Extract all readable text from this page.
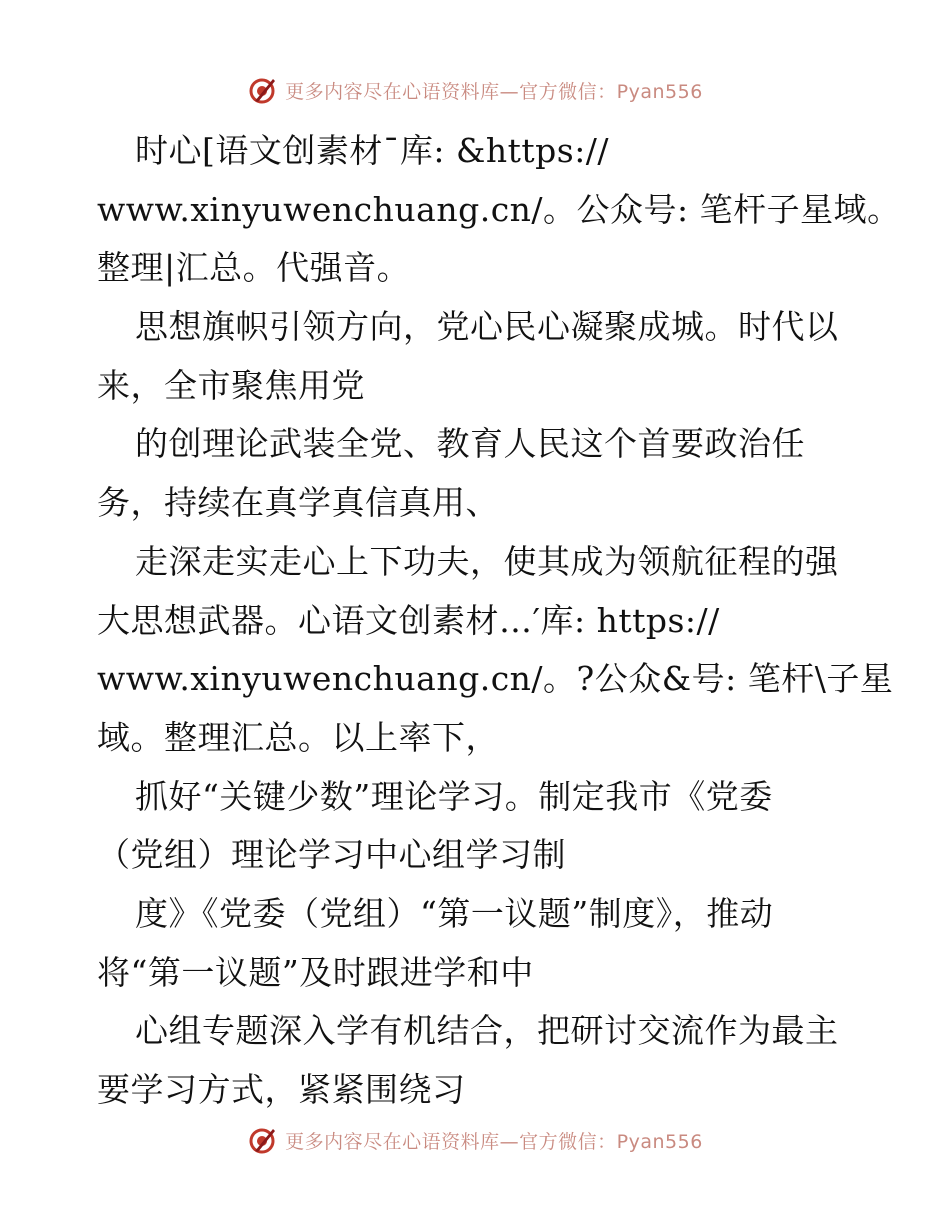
更多内容尽在心语资料库—官方微信：Pyan556
时心[语文创素材¯库: &https://
www.xinyuwenchuang.cn/。公众号: 笔杆子星域。
整理|汇总。代强音。
思想旗帜引领方向，党心民心凝聚成城。时代以
来，全市聚焦用党
的创理论武装全党、教育人民这个首要政治任
务，持续在真学真信真用、
走深走实走心上下功夫，使其成为领航征程的强
大思想武器。心语文创素材…′库: https://
www.xinyuwenchuang.cn/。?公众&号: 笔杆\子星
域。整理汇总。以上率下，
抓好“关键少数”理论学习。制定我市《党委
（党组）理论学习中心组学习制
度》《党委（党组）“第一议题”制度》，推动
将“第一议题”及时跟进学和中
心组专题深入学有机结合，把研讨交流作为最主
要学习方式，紧紧围绕习
更多内容尽在心语资料库—官方微信：Pyan556
